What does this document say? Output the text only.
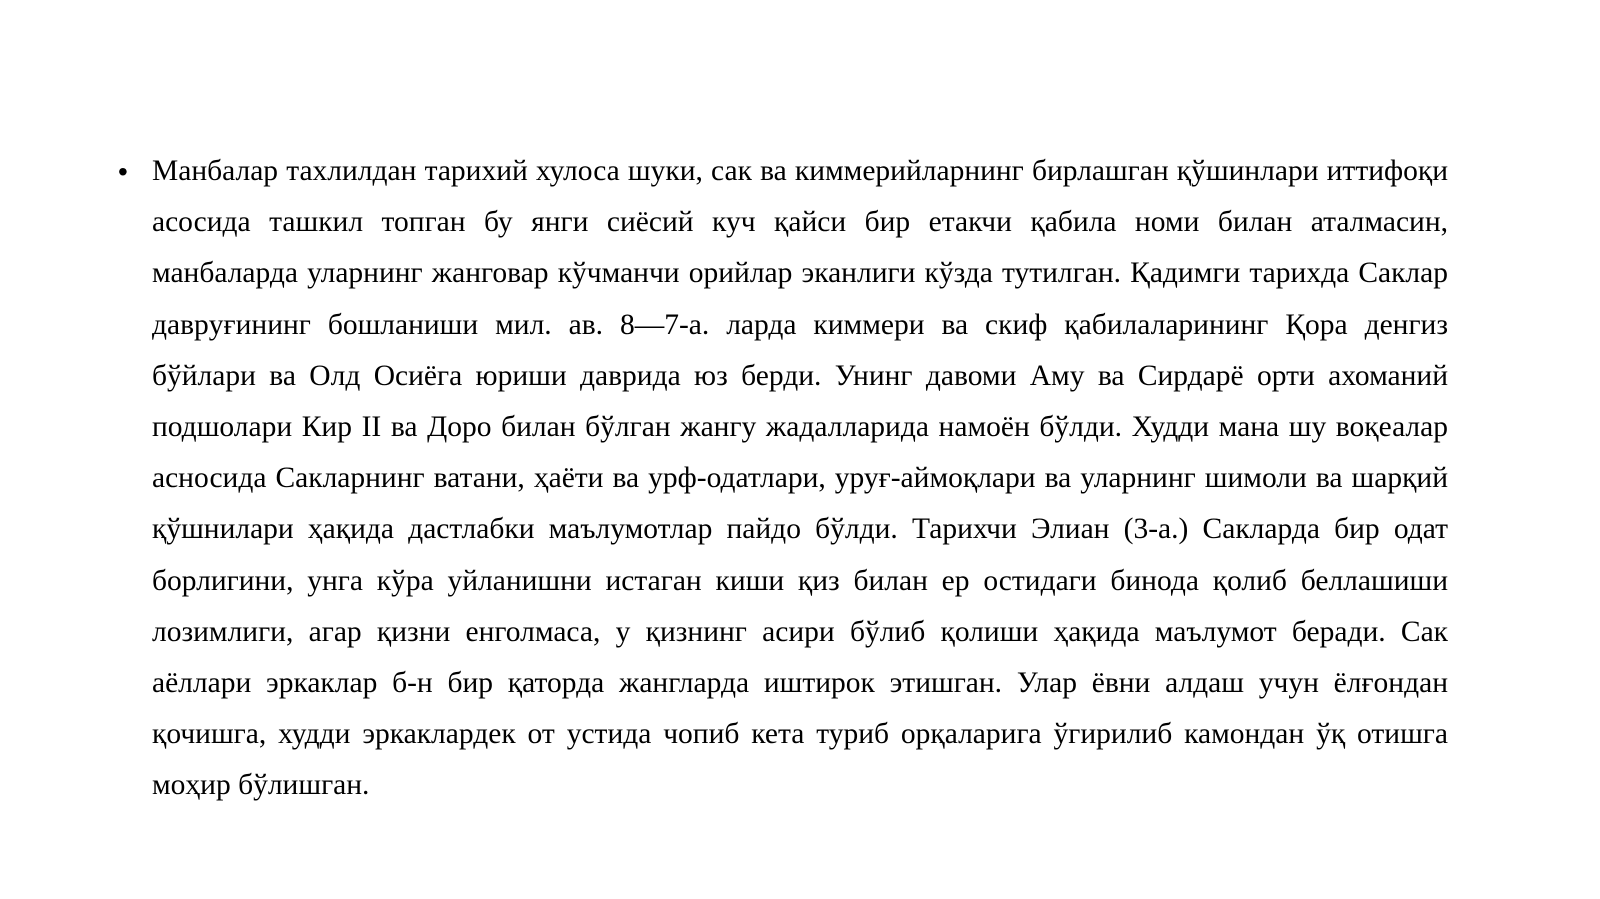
• Манбалар тахлилдан тарихий хулоса шуки, сак ва киммерийларнинг бирлашган қўшинлари иттифоқи асосида ташкил топган бу янги сиёсий куч қайси бир етакчи қабила номи билан аталмасин, манбаларда уларнинг жанговар кўчманчи орийлар эканлиги кўзда тутилган. Қадимги тарихда Саклар даврyғининг бошланиши мил. ав. 8—7-а. ларда киммери ва скиф қабилаларининг Қора денгиз бўйлари ва Олд Осиёга юриши даврида юз берди. Унинг давоми Аму ва Сирдарё орти ахоманий подшолари Кир II ва Доро билан бўлган жангу жадалларида намоён бўлди. Худди мана шу воқеалар асносида Сакларнинг ватани, ҳаёти ва урф-одатлари, уруғ-аймоқлари ва уларнинг шимоли ва шарқий қўшнилари ҳақида дастлабки маълумотлар пайдо бўлди. Тарихчи Элиан (3-а.) Сакларда бир одат борлигини, унга кўра уйланишни истаган киши қиз билан ер остидаги бинода қолиб беллашиши лозимлиги, агар қизни енголмаса, у қизнинг асири бўлиб қолиши ҳақида маълумот беради. Сак аёллари эркаклар б-н бир қаторда жангларда иштирок этишган. Улар ёвни алдаш учун ёлғондан қочишга, худди эркаклардек от устида чопиб кета туриб орқаларига ўгирилиб камондан ўқ отишга моҳир бўлишган.
